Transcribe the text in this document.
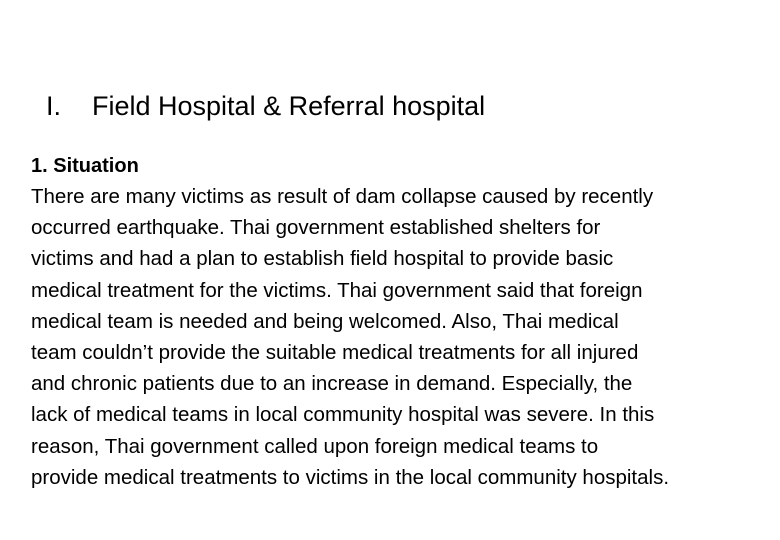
I.	Field Hospital & Referral hospital
1. Situation
There are many victims as result of dam collapse caused by recently
occurred earthquake. Thai government established shelters for
victims and had a plan to establish field hospital to provide basic
medical treatment for the victims. Thai government said that foreign
medical team is needed and being welcomed. Also, Thai medical
team couldn’t provide the suitable medical treatments for all injured
and chronic patients due to an increase in demand. Especially, the
lack of medical teams in local community hospital was severe. In this
reason, Thai government called upon foreign medical teams to
provide medical treatments to victims in the local community hospitals.
